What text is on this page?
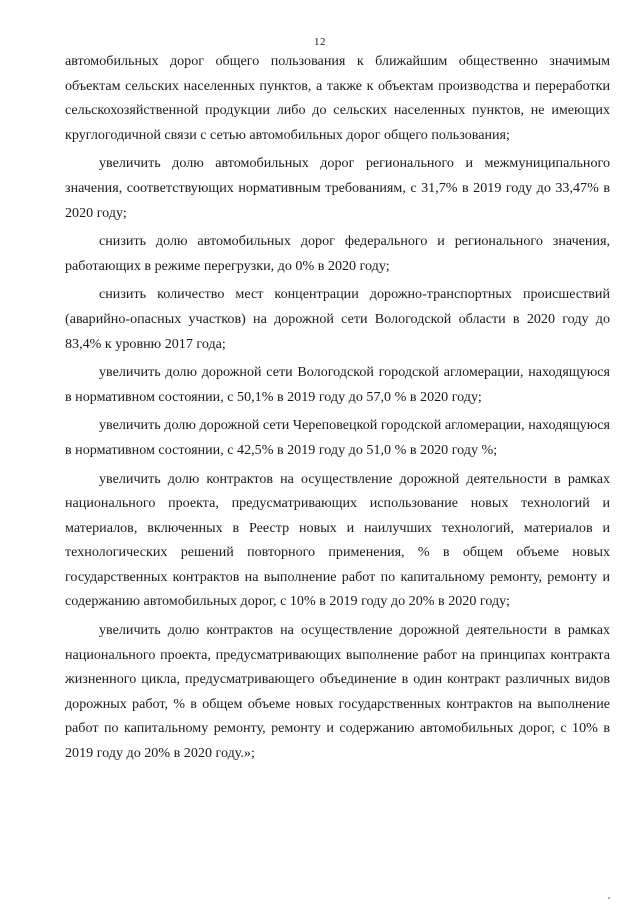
12

автомобильных дорог общего пользования к ближайшим общественно значимым объектам сельских населенных пунктов, а также к объектам производства и переработки сельскохозяйственной продукции либо до сельских населенных пунктов, не имеющих круглогодичной связи с сетью автомобильных дорог общего пользования;

увеличить долю автомобильных дорог регионального и межмуниципального значения, соответствующих нормативным требованиям, с 31,7% в 2019 году до 33,47% в 2020 году;

снизить долю автомобильных дорог федерального и регионального значения, работающих в режиме перегрузки, до 0% в 2020 году;

снизить количество мест концентрации дорожно-транспортных происшествий (аварийно-опасных участков) на дорожной сети Вологодской области в 2020 году до 83,4% к уровню 2017 года;

увеличить долю дорожной сети Вологодской городской агломерации, находящуюся в нормативном состоянии, с 50,1% в 2019 году до 57,0 % в 2020 году;

увеличить долю дорожной сети Череповецкой городской агломерации, находящуюся в нормативном состоянии, с 42,5% в 2019 году до 51,0 % в 2020 году %;

увеличить долю контрактов на осуществление дорожной деятельности в рамках национального проекта, предусматривающих использование новых технологий и материалов, включенных в Реестр новых и наилучших технологий, материалов и технологических решений повторного применения, % в общем объеме новых государственных контрактов на выполнение работ по капитальному ремонту, ремонту и содержанию автомобильных дорог, с 10% в 2019 году до 20% в 2020 году;

увеличить долю контрактов на осуществление дорожной деятельности в рамках национального проекта, предусматривающих выполнение работ на принципах контракта жизненного цикла, предусматривающего объединение в один контракт различных видов дорожных работ, % в общем объеме новых государственных контрактов на выполнение работ по капитальному ремонту, ремонту и содержанию автомобильных дорог, с 10% в 2019 году до 20% в 2020 году.»;
